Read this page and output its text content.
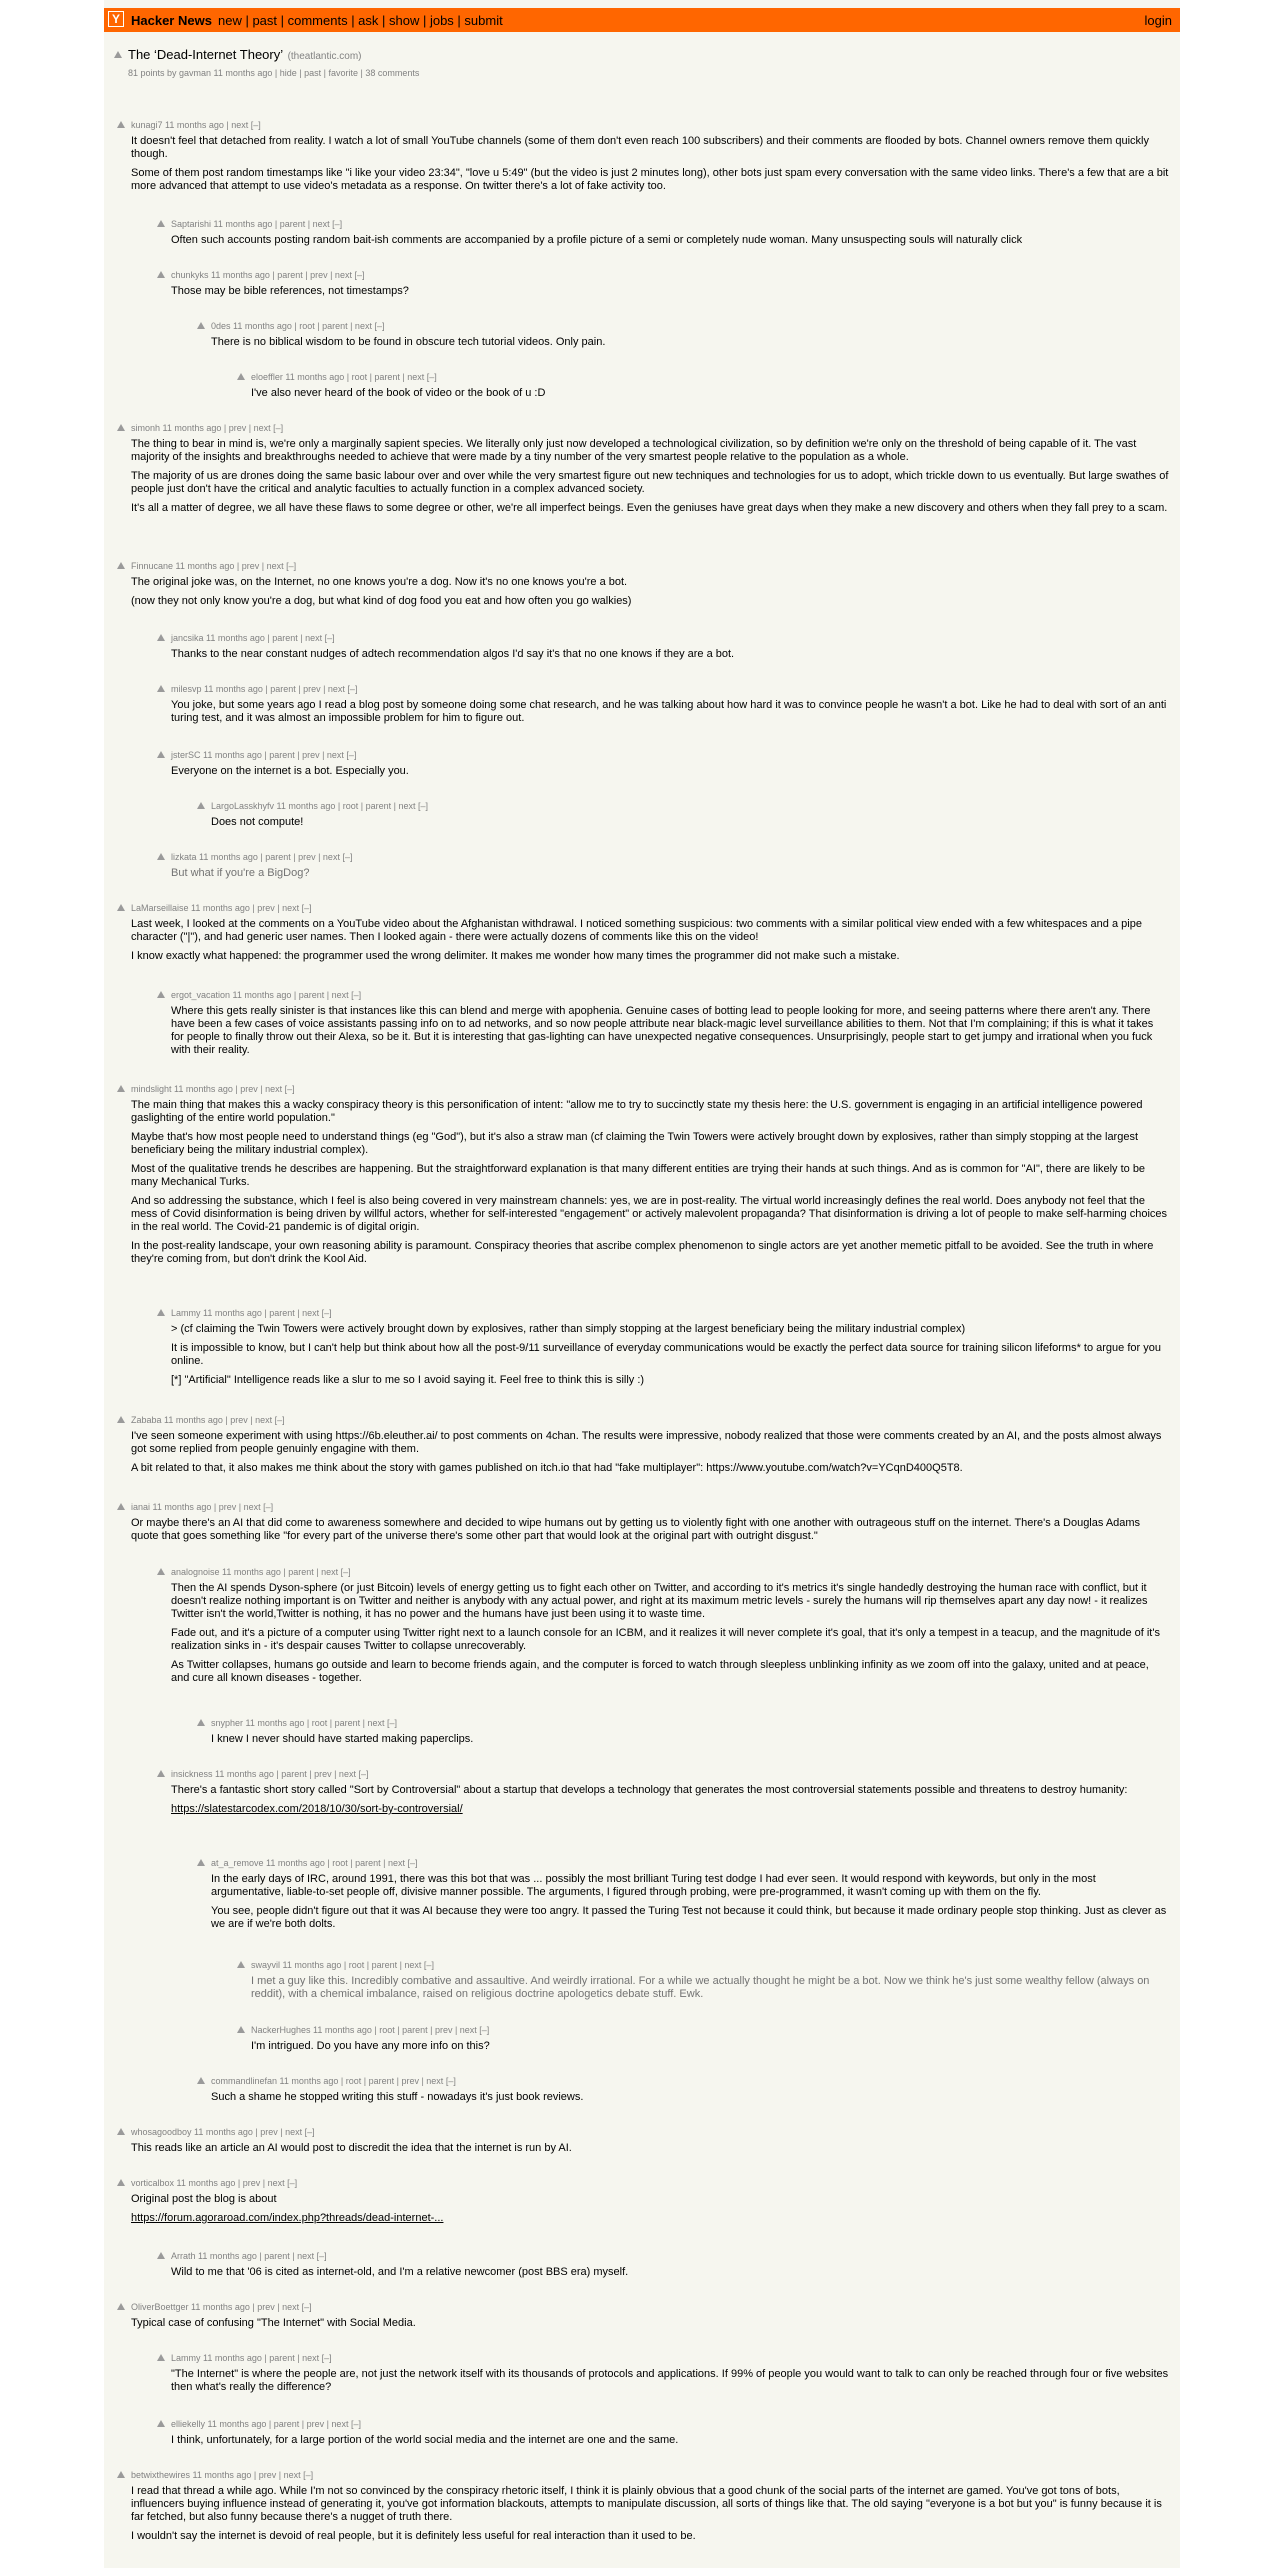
Y Hacker News new | past | comments | ask | show | jobs | submit	login
The ‘Dead-Internet Theory’ (theatlantic.com)
81 points by gavman 11 months ago | hide | past | favorite | 38 comments
kunagi7 11 months ago | next [–]

It doesn't feel that detached from reality. I watch a lot of small YouTube channels (some of them don't even reach 100 subscribers) and their comments are flooded by bots. Channel owners remove them quickly though.

Some of them post random timestamps like "i like your video 23:34", "love u 5:49" (but the video is just 2 minutes long), other bots just spam every conversation with the same video links. There's a few that are a bit more advanced that attempt to use video's metadata as a response. On twitter there's a lot of fake activity too.

Saptarishi 11 months ago | parent | next [–]

Often such accounts posting random bait-ish comments are accompanied by a profile picture of a semi or completely nude woman. Many unsuspecting souls will naturally click

chunkyks 11 months ago | parent | prev | next [–]

Those may be bible references, not timestamps?

0des 11 months ago | root | parent | next [–]

There is no biblical wisdom to be found in obscure tech tutorial videos. Only pain.

eloeffler 11 months ago | root | parent | next [–]

I've also never heard of the book of video or the book of u :D

simonh 11 months ago | prev | next [–]

The thing to bear in mind is, we're only a marginally sapient species. We literally only just now developed a technological civilization, so by definition we're only on the threshold of being capable of it. The vast majority of the insights and breakthroughs needed to achieve that were made by a tiny number of the very smartest people relative to the population as a whole.

The majority of us are drones doing the same basic labour over and over while the very smartest figure out new techniques and technologies for us to adopt, which trickle down to us eventually. But large swathes of people just don't have the critical and analytic faculties to actually function in a complex advanced society.

It's all a matter of degree, we all have these flaws to some degree or other, we're all imperfect beings. Even the geniuses have great days when they make a new discovery and others when they fall prey to a scam.

Finnucane 11 months ago | prev | next [–]

The original joke was, on the Internet, no one knows you're a dog. Now it's no one knows you're a bot.

(now they not only know you're a dog, but what kind of dog food you eat and how often you go walkies)

jancsika 11 months ago | parent | next [–]

Thanks to the near constant nudges of adtech recommendation algos I'd say it's that no one knows if they are a bot.

milesvp 11 months ago | parent | prev | next [–]

You joke, but some years ago I read a blog post by someone doing some chat research, and he was talking about how hard it was to convince people he wasn't a bot. Like he had to deal with sort of an anti turing test, and it was almost an impossible problem for him to figure out.

jsterSC 11 months ago | parent | prev | next [–]

Everyone on the internet is a bot. Especially you.

LargoLasskhyfv 11 months ago | root | parent | next [–]

Does not compute!

lizkata 11 months ago | parent | prev | next [–]

But what if you're a BigDog?

LaMarseillaise 11 months ago | prev | next [–]

Last week, I looked at the comments on a YouTube video about the Afghanistan withdrawal. I noticed something suspicious: two comments with a similar political view ended with a few whitespaces and a pipe character ("|"), and had generic user names. Then I looked again - there were actually dozens of comments like this on the video!

I know exactly what happened: the programmer used the wrong delimiter. It makes me wonder how many times the programmer did not make such a mistake.

ergot_vacation 11 months ago | parent | next [–]

Where this gets really sinister is that instances like this can blend and merge with apophenia. Genuine cases of botting lead to people looking for more, and seeing patterns where there aren't any. There have been a few cases of voice assistants passing info on to ad networks, and so now people attribute near black-magic level surveillance abilities to them. Not that I'm complaining; if this is what it takes for people to finally throw out their Alexa, so be it. But it is interesting that gas-lighting can have unexpected negative consequences. Unsurprisingly, people start to get jumpy and irrational when you fuck with their reality.

mindslight 11 months ago | prev | next [–]

The main thing that makes this a wacky conspiracy theory is this personification of intent: "allow me to try to succinctly state my thesis here: the U.S. government is engaging in an artificial intelligence powered gaslighting of the entire world population."

Maybe that's how most people need to understand things (eg "God"), but it's also a straw man (cf claiming the Twin Towers were actively brought down by explosives, rather than simply stopping at the largest beneficiary being the military industrial complex).

Most of the qualitative trends he describes are happening. But the straightforward explanation is that many different entities are trying their hands at such things. And as is common for "AI", there are likely to be many Mechanical Turks.

And so addressing the substance, which I feel is also being covered in very mainstream channels: yes, we are in post-reality. The virtual world increasingly defines the real world. Does anybody not feel that the mess of Covid disinformation is being driven by willful actors, whether for self-interested "engagement" or actively malevolent propaganda? That disinformation is driving a lot of people to make self-harming choices in the real world. The Covid-21 pandemic is of digital origin.

In the post-reality landscape, your own reasoning ability is paramount. Conspiracy theories that ascribe complex phenomenon to single actors are yet another memetic pitfall to be avoided. See the truth in where they're coming from, but don't drink the Kool Aid.

Lammy 11 months ago | parent | next [–]

> (cf claiming the Twin Towers were actively brought down by explosives, rather than simply stopping at the largest beneficiary being the military industrial complex)

It is impossible to know, but I can't help but think about how all the post-9/11 surveillance of everyday communications would be exactly the perfect data source for training silicon lifeforms* to argue for you online.

[*] "Artificial" Intelligence reads like a slur to me so I avoid saying it. Feel free to think this is silly :)

Zababa 11 months ago | prev | next [–]

I've seen someone experiment with using https://6b.eleuther.ai/ to post comments on 4chan. The results were impressive, nobody realized that those were comments created by an AI, and the posts almost always got some replied from people genuinly engagine with them.

A bit related to that, it also makes me think about the story with games published on itch.io that had "fake multiplayer": https://www.youtube.com/watch?v=YCqnD400Q5T8.

ianai 11 months ago | prev | next [–]

Or maybe there's an AI that did come to awareness somewhere and decided to wipe humans out by getting us to violently fight with one another with outrageous stuff on the internet. There's a Douglas Adams quote that goes something like "for every part of the universe there's some other part that would look at the original part with outright disgust."

analognoise 11 months ago | parent | next [–]

Then the AI spends Dyson-sphere (or just Bitcoin) levels of energy getting us to fight each other on Twitter, and according to it's metrics it's single handedly destroying the human race with conflict, but it doesn't realize nothing important is on Twitter and neither is anybody with any actual power, and right at its maximum metric levels - surely the humans will rip themselves apart any day now! - it realizes Twitter isn't the world,Twitter is nothing, it has no power and the humans have just been using it to waste time.

Fade out, and it's a picture of a computer using Twitter right next to a launch console for an ICBM, and it realizes it will never complete it's goal, that it's only a tempest in a teacup, and the magnitude of it's realization sinks in - it's despair causes Twitter to collapse unrecoverably.

As Twitter collapses, humans go outside and learn to become friends again, and the computer is forced to watch through sleepless unblinking infinity as we zoom off into the galaxy, united and at peace, and cure all known diseases - together.

snypher 11 months ago | root | parent | next [–]

I knew I never should have started making paperclips.

insickness 11 months ago | parent | prev | next [–]

There's a fantastic short story called "Sort by Controversial" about a startup that develops a technology that generates the most controversial statements possible and threatens to destroy humanity:

https://slatestarcodex.com/2018/10/30/sort-by-controversial/

at_a_remove 11 months ago | root | parent | next [–]

In the early days of IRC, around 1991, there was this bot that was ... possibly the most brilliant Turing test dodge I had ever seen. It would respond with keywords, but only in the most argumentative, liable-to-set people off, divisive manner possible. The arguments, I figured through probing, were pre-programmed, it wasn't coming up with them on the fly.

You see, people didn't figure out that it was AI because they were too angry. It passed the Turing Test not because it could think, but because it made ordinary people stop thinking. Just as clever as we are if we're both dolts.

swayvil 11 months ago | root | parent | next [–]

I met a guy like this. Incredibly combative and assaultive. And weirdly irrational. For a while we actually thought he might be a bot. Now we think he's just some wealthy fellow (always on reddit), with a chemical imbalance, raised on religious doctrine apologetics debate stuff. Ewk.

NackerHughes 11 months ago | root | parent | prev | next [–]

I'm intrigued. Do you have any more info on this?

commandlinefan 11 months ago | root | parent | prev | next [–]

Such a shame he stopped writing this stuff - nowadays it's just book reviews.

whosagoodboy 11 months ago | prev | next [–]

This reads like an article an AI would post to discredit the idea that the internet is run by AI.

vorticalbox 11 months ago | prev | next [–]

Original post the blog is about

https://forum.agoraroad.com/index.php?threads/dead-internet-...

Arrath 11 months ago | parent | next [–]

Wild to me that '06 is cited as internet-old, and I'm a relative newcomer (post BBS era) myself.

OliverBoettger 11 months ago | prev | next [–]

Typical case of confusing "The Internet" with Social Media.

Lammy 11 months ago | parent | next [–]

"The Internet" is where the people are, not just the network itself with its thousands of protocols and applications. If 99% of people you would want to talk to can only be reached through four or five websites then what's really the difference?

elliekelly 11 months ago | parent | prev | next [–]

I think, unfortunately, for a large portion of the world social media and the internet are one and the same.

betwixthewires 11 months ago | prev | next [–]

I read that thread a while ago. While I'm not so convinced by the conspiracy rhetoric itself, I think it is plainly obvious that a good chunk of the social parts of the internet are gamed. You've got tons of bots, influencers buying influence instead of generating it, you've got information blackouts, attempts to manipulate discussion, all sorts of things like that. The old saying "everyone is a bot but you" is funny because it is far fetched, but also funny because there's a nugget of truth there.

I wouldn't say the internet is devoid of real people, but it is definitely less useful for real interaction than it used to be.
